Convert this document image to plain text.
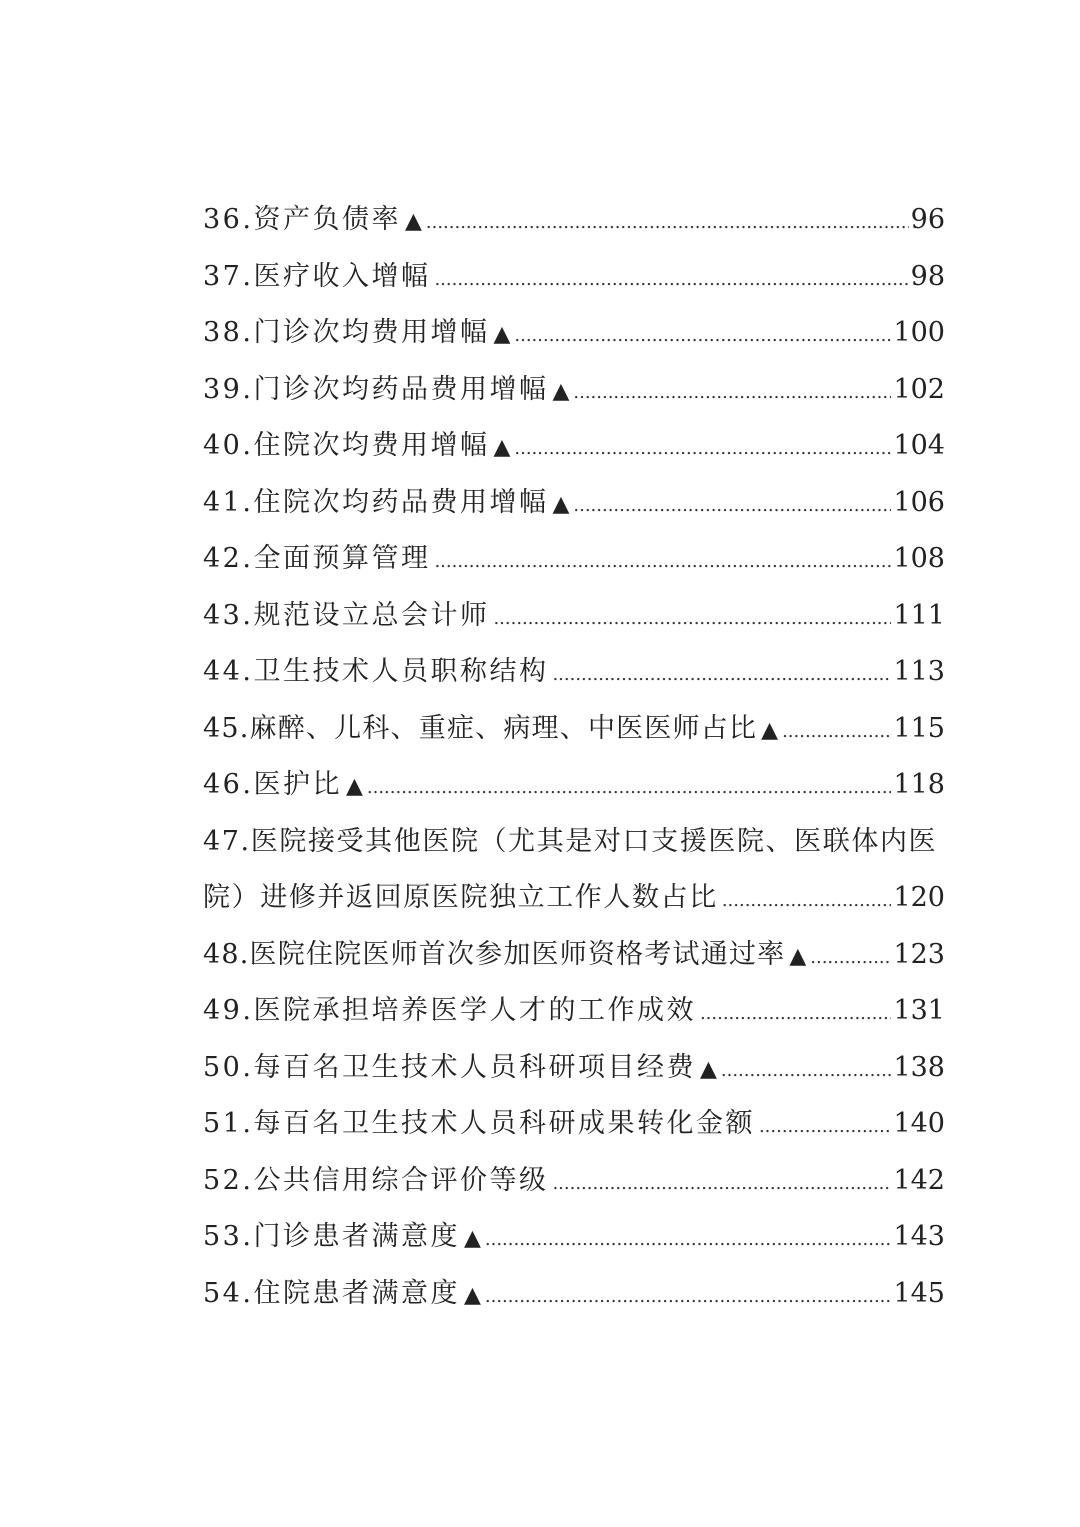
36.资产负债率 ▲ .....	96
37.医疗收入增幅 .....	98
38.门诊次均费用增幅 ▲ .....	100
39.门诊次均药品费用增幅 ▲ .....	102
40.住院次均费用增幅 ▲ .....	104
41.住院次均药品费用增幅 ▲ .....	106
42.全面预算管理 .....	108
43.规范设立总会计师 .....	111
44.卫生技术人员职称结构 .....	113
45.麻醉、儿科、重症、病理、中医医师占比 ▲ .....	115
46.医护比 ▲ .....	118
47.医院接受其他医院（尤其是对口支援医院、医联体内医
院）进修并返回原医院独立工作人数占比 .....	120
48.医院住院医师首次参加医师资格考试通过率 ▲ .....	123
49.医院承担培养医学人才的工作成效 .....	131
50.每百名卫生技术人员科研项目经费 ▲ .....	138
51.每百名卫生技术人员科研成果转化金额 .....	140
52.公共信用综合评价等级 .....	142
53.门诊患者满意度 ▲ .....	143
54.住院患者满意度 ▲ .....	145
